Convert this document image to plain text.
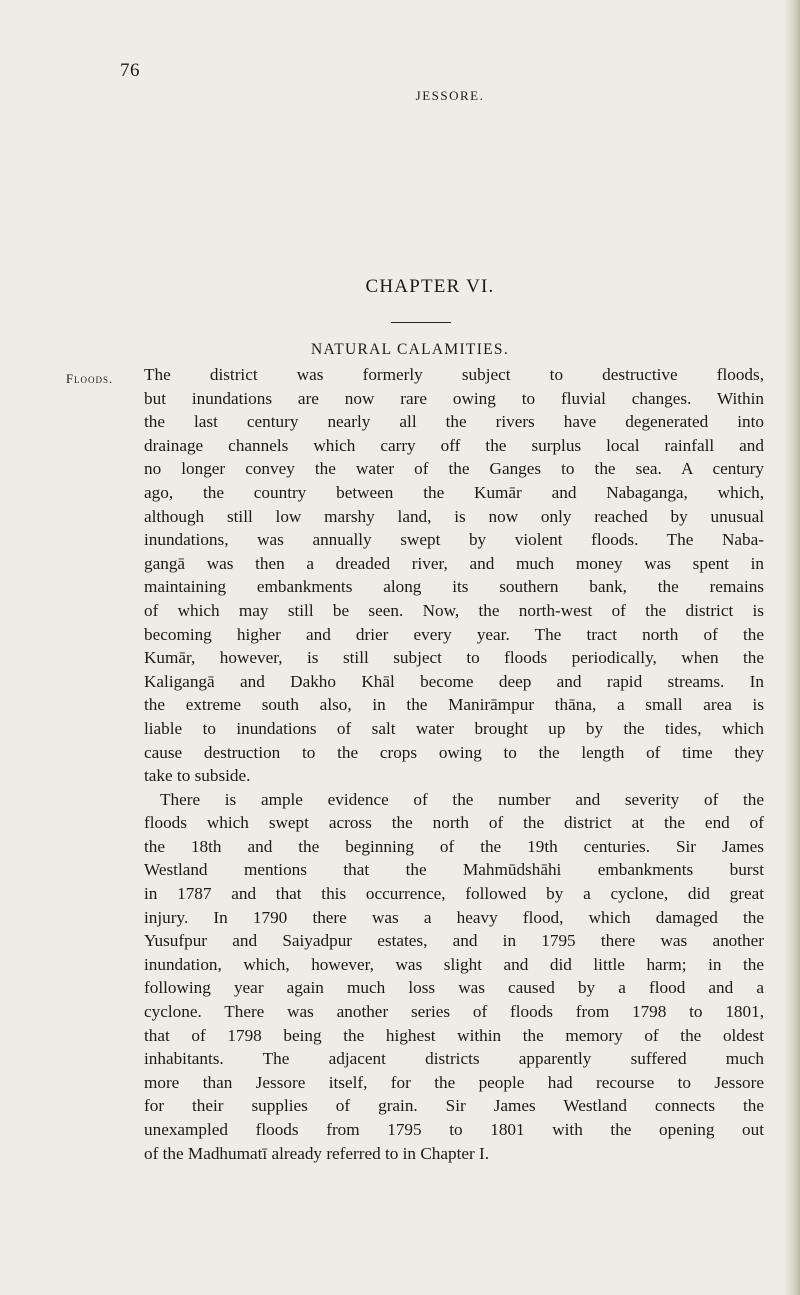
76
JESSORE.
CHAPTER VI.
NATURAL CALAMITIES.
Floods. The district was formerly subject to destructive floods,
but inundations are now rare owing to fluvial changes. Within
the last century nearly all the rivers have degenerated into
drainage channels which carry off the surplus local rainfall and
no longer convey the water of the Ganges to the sea. A century
ago, the country between the Kumār and Nabaganga, which,
although still low marshy land, is now only reached by unusual
inundations, was annually swept by violent floods. The Naba-
gangā was then a dreaded river, and much money was spent in
maintaining embankments along its southern bank, the remains
of which may still be seen. Now, the north-west of the district is
becoming higher and drier every year. The tract north of the
Kumār, however, is still subject to floods periodically, when the
Kaligangā and Dakho Khāl become deep and rapid streams. In
the extreme south also, in the Manirāmpur thāna, a small area is
liable to inundations of salt water brought up by the tides, which
cause destruction to the crops owing to the length of time they
take to subside.
There is ample evidence of the number and severity of the
floods which swept across the north of the district at the end of
the 18th and the beginning of the 19th centuries. Sir James
Westland mentions that the Mahmūdshāhi embankments burst
in 1787 and that this occurrence, followed by a cyclone, did great
injury. In 1790 there was a heavy flood, which damaged the
Yusufpur and Saiyadpur estates, and in 1795 there was another
inundation, which, however, was slight and did little harm; in the
following year again much loss was caused by a flood and a
cyclone. There was another series of floods from 1798 to 1801,
that of 1798 being the highest within the memory of the oldest
inhabitants. The adjacent districts apparently suffered much
more than Jessore itself, for the people had recourse to Jessore
for their supplies of grain. Sir James Westland connects the
unexampled floods from 1795 to 1801 with the opening out
of the Madhumatī already referred to in Chapter I.
